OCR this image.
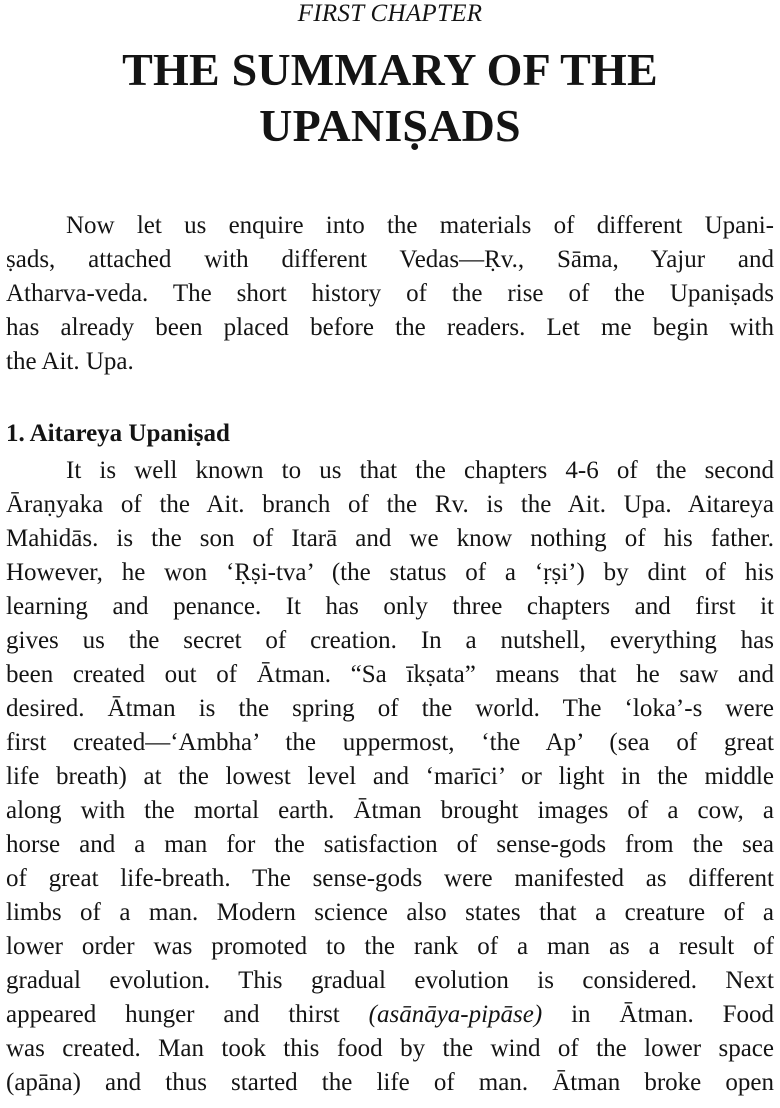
FIRST CHAPTER
THE SUMMARY OF THE
UPANIṢADS
Now let us enquire into the materials of different Upani-
ṣads, attached with different Vedas—Ṛv., Sāma, Yajur and
Atharva-veda. The short history of the rise of the Upaniṣads
has already been placed before the readers. Let me begin with
the Ait. Upa.
1. Aitareya Upaniṣad
It is well known to us that the chapters 4-6 of the second
Āraṇyaka of the Ait. branch of the Rv. is the Ait. Upa. Aitareya
Mahidās. is the son of Itarā and we know nothing of his father.
However, he won ‘Ṛṣi-tva’ (the status of a ‘ṛṣi’) by dint of his
learning and penance. It has only three chapters and first it
gives us the secret of creation. In a nutshell, everything has
been created out of Ātman. “Sa īkṣata” means that he saw and
desired. Ātman is the spring of the world. The ‘loka’-s were
first created—‘Ambha’ the uppermost, ‘the Ap’ (sea of great
life breath) at the lowest level and ‘marīci’ or light in the middle
along with the mortal earth. Ātman brought images of a cow, a
horse and a man for the satisfaction of sense-gods from the sea
of great life-breath. The sense-gods were manifested as different
limbs of a man. Modern science also states that a creature of a
lower order was promoted to the rank of a man as a result of
gradual evolution. This gradual evolution is considered. Next
appeared hunger and thirst (asānāya-pipāse) in Ātman. Food
was created. Man took this food by the wind of the lower space
(apāna) and thus started the life of man. Ātman broke open
